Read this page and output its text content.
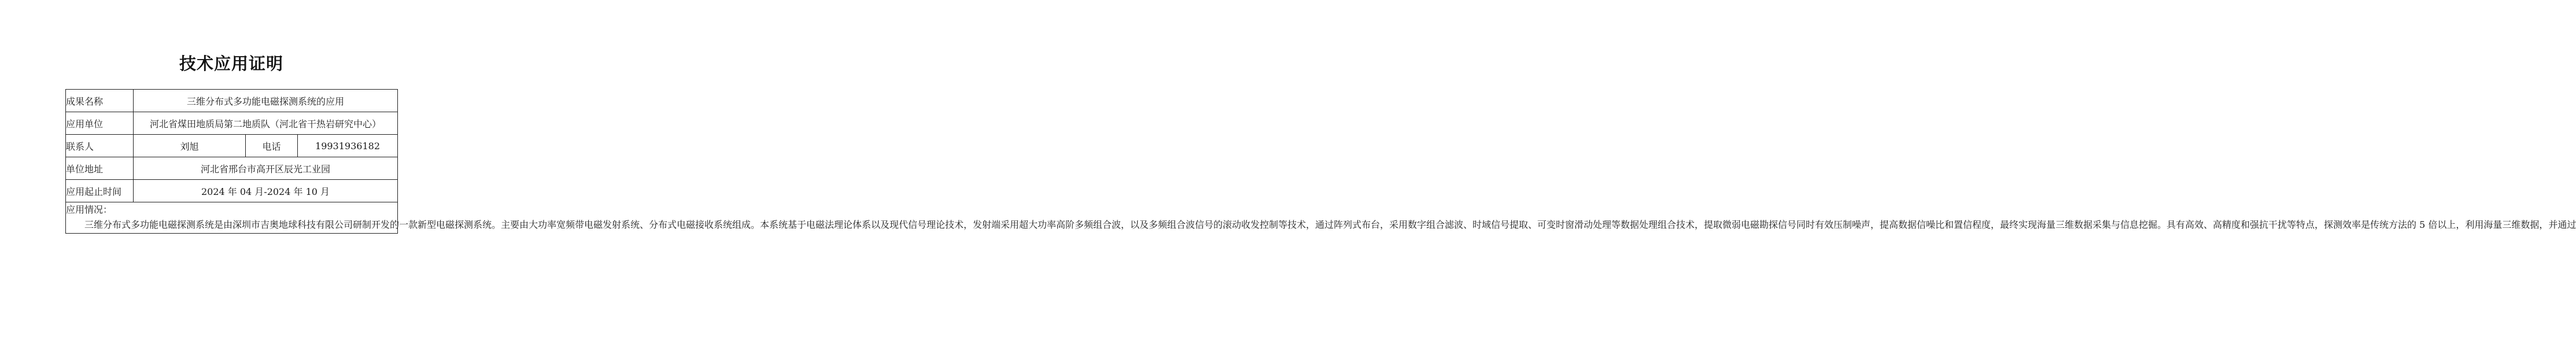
技术应用证明
成果名称	三维分布式多功能电磁探测系统的应用		
应用单位	河北省煤田地质局第二地质队（河北省干热岩研究中心）		
联系人	刘旭	电话	19931936182
单位地址	河北省邢台市高开区辰光工业园		
应用起止时间	2024 年 04 月-2024 年 10 月		

应用情况：

三维分布式多功能电磁探测系统是由深圳市吉奥地球科技有限公司研制开发的一款新型电磁探测系统。主要由大功率宽频带电磁发射系统、分布式电磁接收系统组成。本系统基于电磁法理论体系以及现代信号理论技术，发射端采用超大功率高阶多频组合波，以及多频组合波信号的滚动收发控制等技术，通过阵列式布台，采用数字组合滤波、时域信号提取、可变时窗滑动处理等数据处理组合技术，提取微弱电磁勘探信号同时有效压制噪声，提高数据信噪比和置信程度，最终实现海量三维数据采集与信息挖掘。具有高效、高精度和强抗干扰等特点，探测效率是传统方法的 5 倍以上，利用海量三维数据，并通过			
